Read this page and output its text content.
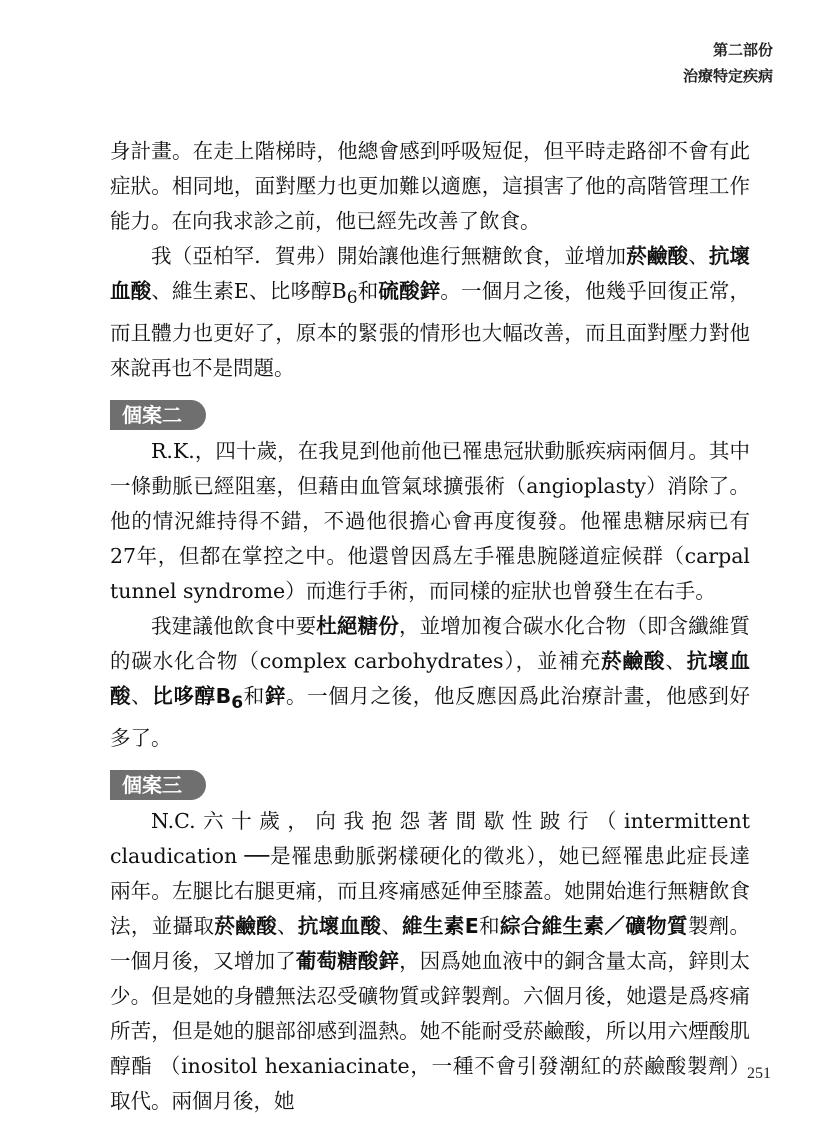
第二部份
治療特定疾病

身計畫。在走上階梯時，他總會感到呼吸短促，但平時走路卻不會有此症狀。相同地，面對壓力也更加難以適應，這損害了他的高階管理工作能力。在向我求診之前，他已經先改善了飲食。

我（亞柏罕．賀弗）開始讓他進行無糖飲食，並增加菸鹼酸、抗壞血酸、維生素E、比哆醇$B_6$和硫酸鋅。一個月之後，他幾乎回復正常，而且體力也更好了，原本的緊張的情形也大幅改善，而且面對壓力對他來說再也不是問題。

個案二

R.K.，四十歲，在我見到他前他已罹患冠狀動脈疾病兩個月。其中一條動脈已經阻塞，但藉由血管氣球擴張術（angioplasty）消除了。他的情況維持得不錯，不過他很擔心會再度復發。他罹患糖尿病已有27年，但都在掌控之中。他還曾因爲左手罹患腕隧道症候群（carpal tunnel syndrome）而進行手術，而同樣的症狀也曾發生在右手。

我建議他飲食中要杜絕糖份，並增加複合碳水化合物（即含纖維質的碳水化合物（complex carbohydrates），並補充菸鹼酸、抗壞血酸、比哆醇$B_6$和鋅。一個月之後，他反應因爲此治療計畫，他感到好多了。

個案三

N.C.六十歲，向我抱怨著間歇性跛行（intermittent claudication ──是罹患動脈粥樣硬化的徵兆），她已經罹患此症長達兩年。左腿比右腿更痛，而且疼痛感延伸至膝蓋。她開始進行無糖飲食法，並攝取菸鹼酸、抗壞血酸、維生素E和綜合維生素／礦物質製劑。一個月後，又增加了葡萄糖酸鋅，因爲她血液中的銅含量太高，鋅則太少。但是她的身體無法忍受礦物質或鋅製劑。六個月後，她還是爲疼痛所苦，但是她的腿部卻感到溫熱。她不能耐受菸鹼酸，所以用六煙酸肌醇酯 （inositol hexaniacinate，一種不會引發潮紅的菸鹼酸製劑）取代。兩個月後，她

251
